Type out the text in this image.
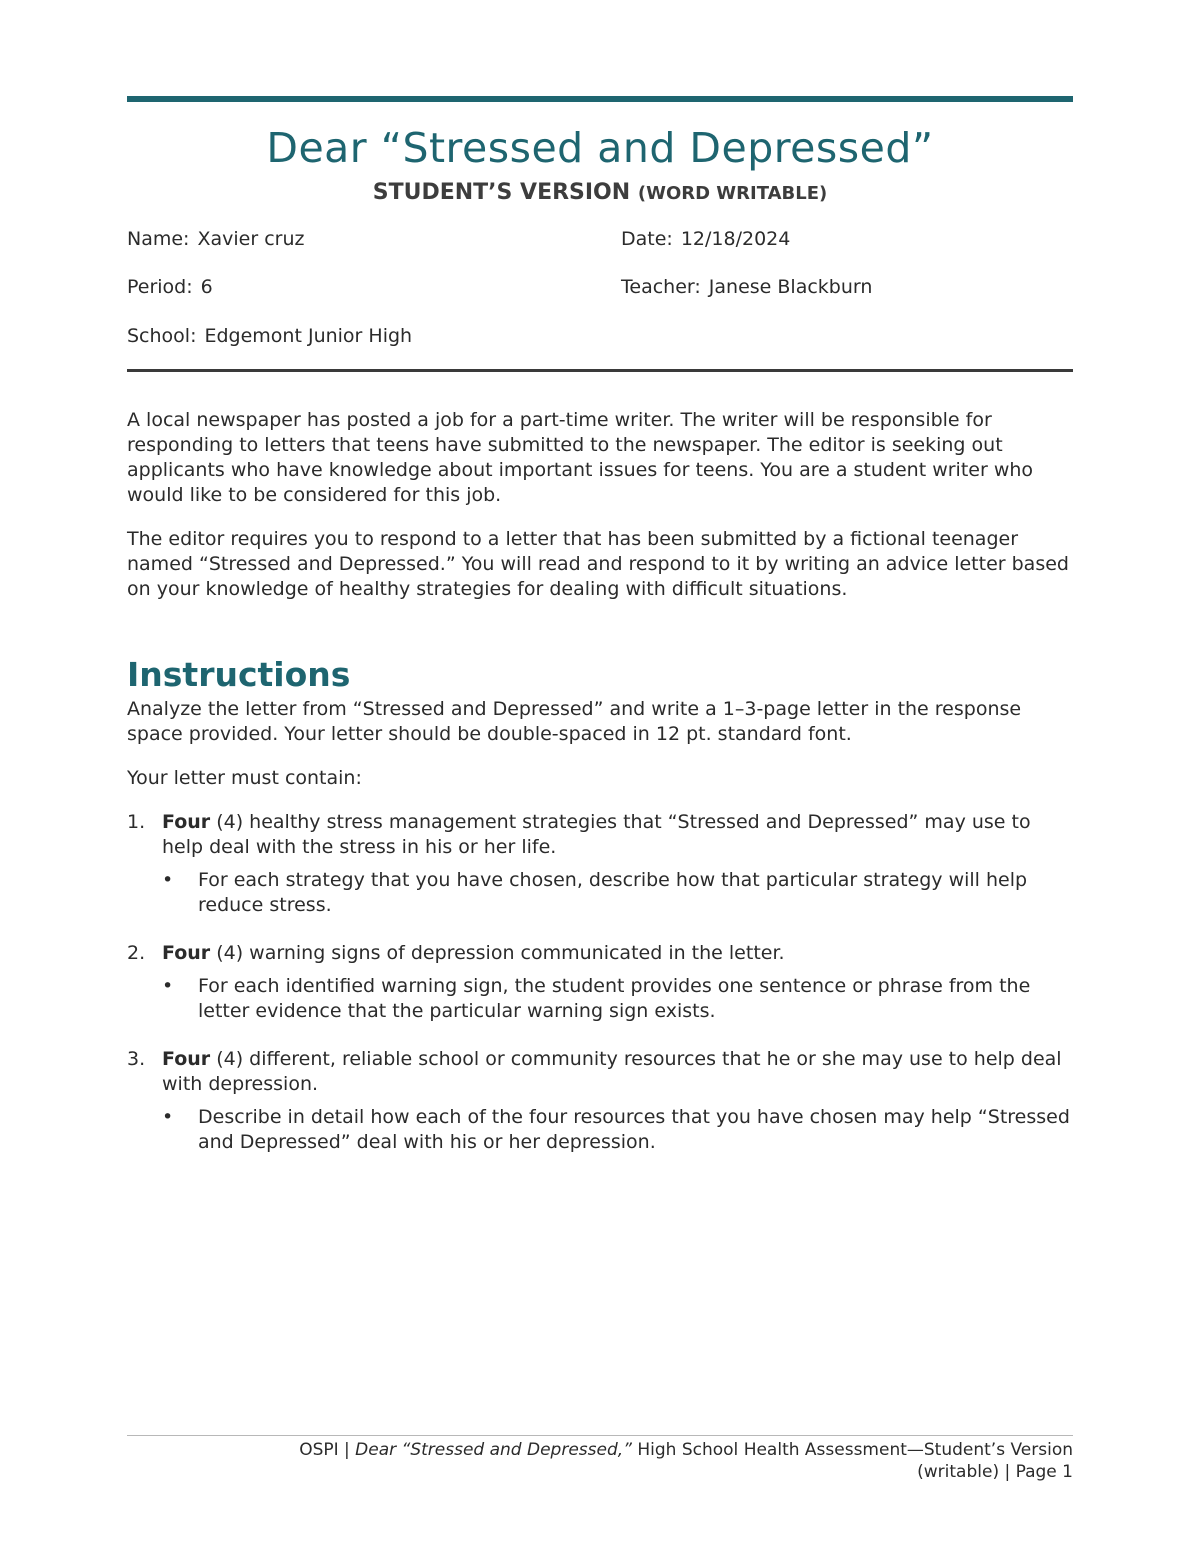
Dear “Stressed and Depressed”
STUDENT’S VERSION (WORD WRITABLE)
Name: Xavier cruz	Date: 12/18/2024
Period: 6	Teacher: Janese Blackburn
School: Edgemont Junior High

A local newspaper has posted a job for a part-time writer. The writer will be responsible for responding to letters that teens have submitted to the newspaper. The editor is seeking out applicants who have knowledge about important issues for teens. You are a student writer who would like to be considered for this job.

The editor requires you to respond to a letter that has been submitted by a fictional teenager named “Stressed and Depressed.” You will read and respond to it by writing an advice letter based on your knowledge of healthy strategies for dealing with difficult situations.

Instructions

Analyze the letter from “Stressed and Depressed” and write a 1–3-page letter in the response space provided. Your letter should be double-spaced in 12 pt. standard font.

Your letter must contain:

1. Four (4) healthy stress management strategies that “Stressed and Depressed” may use to help deal with the stress in his or her life.
• For each strategy that you have chosen, describe how that particular strategy will help reduce stress.
2. Four (4) warning signs of depression communicated in the letter.
• For each identified warning sign, the student provides one sentence or phrase from the letter evidence that the particular warning sign exists.
3. Four (4) different, reliable school or community resources that he or she may use to help deal with depression.
• Describe in detail how each of the four resources that you have chosen may help “Stressed and Depressed” deal with his or her depression.
OSPI | Dear “Stressed and Depressed,” High School Health Assessment—Student’s Version
(writable) | Page 1
